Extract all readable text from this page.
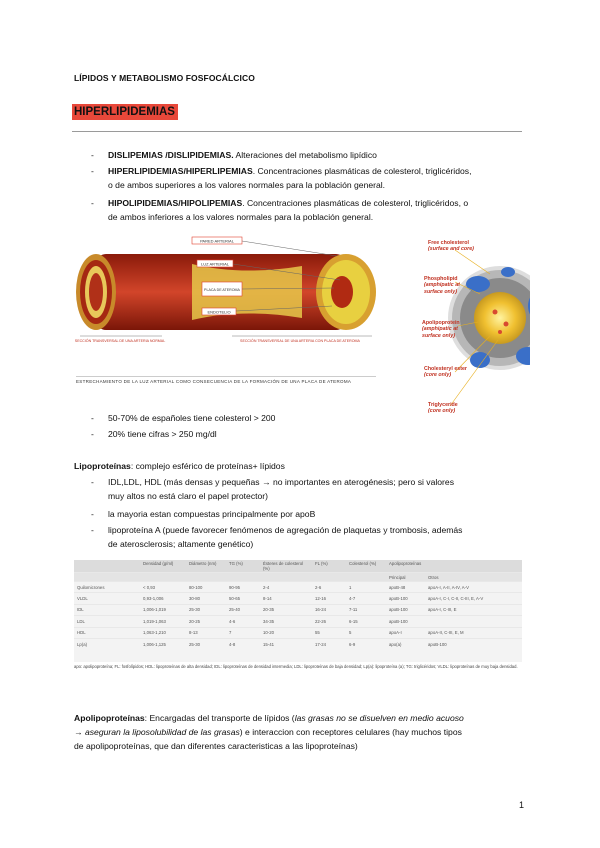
LÍPIDOS Y METABOLISMO FOSFOCÁLCICO
HIPERLIPIDEMIAS
- DISLIPEMIAS /DISLIPIDEMIAS. Alteraciones del metabolismo lipídico
- HIPERLIPIDEMIAS/HIPERLIPEMIAS. Concentraciones plasmáticas de colesterol, triglicéridos,
o de ambos superiores a los valores normales para la población general.
- HIPOLIPIDEMIAS/HIPOLIPEMIAS. Concentraciones plasmáticas de colesterol, triglicéridos, o
de ambos inferiores a los valores normales para la población general.
PARED ARTERIAL
LUZ ARTERIAL
PLACA DE ATEROMA
ENDOTELIO
SECCIÓN TRANSVERSAL DE UNA ARTERIA NORMAL	SECCIÓN TRANSVERSAL DE UNA ARTERIA CON PLACA DE ATEROMA
ESTRECHAMIENTO DE LA LUZ ARTERIAL COMO CONSECUENCIA DE LA FORMACIÓN DE UNA PLACA DE ATEROMA
Free cholesterol
(surface and core)
Phospholipid
(amphipatic at surface only)
Apolipoprotein
(amphipatic at surface only)
Cholesteryl ester
(core only)
Triglyceride
(core only)
- 50-70% de españoles tiene colesterol > 200
- 20% tiene cifras > 250 mg/dl
Lipoproteínas: complejo esférico de proteínas+ lípidos
- IDL,LDL, HDL (más densas y pequeñas → no importantes en aterogénesis; pero si valores
muy altos no está claro el papel protector)
- la mayoria estan compuestas principalmente por apoB
- lipoproteína A (puede favorecer fenómenos de agregación de plaquetas y trombosis, además
de aterosclerosis; altamente genético)
	Densidad (g/ml)	Diámetro (nm)	TG (%)	Ésteres de colesterol (%)	FL (%)	Colesterol (%)	Apolipoproteínas	
							Principal	Otros
Quilomicrones	< 0,93	80-100	90-95	2-4	2-6	1	apoB-48	apoA-I, A-II, A-IV, A-V
VLDL	0,93-1,006	30-80	50-65	8-14	12-16	4-7	apoB-100	apoA-I, C-I, C-II, C-III, E, A-V
IDL	1,006-1,019	25-30	25-40	20-35	16-24	7-11	apoB-100	apoA-I, C-III, E
LDL	1,019-1,063	20-25	4-6	34-35	22-26	6-15	apoB-100	
HDL	1,063-1,210	8-13	7	10-20	55	5	apoA-I	apoA-II, C-III, E, M
Lp(a)	1,006-1,125	25-30	4-8	15-41	17-24	6-9	apo(a)	apoB-100
apo: apolipoproteína; FL: fosfolípidos; HDL: lipoproteínas de alta densidad; IDL: lipoproteínas de densidad intermedia; LDL: lipoproteínas de baja densidad; Lp(a): lipoproteína (a); TG: triglicéridos; VLDL: lipoproteínas de muy baja densidad.
Apolipoproteínas: Encargadas del transporte de lípidos (las grasas no se disuelven en medio acuoso
→ aseguran la liposolubilidad de las grasas) e interaccion con receptores celulares (hay muchos tipos
de apolipoproteínas, que dan diferentes caracteristicas a las lipoproteínas)
1
